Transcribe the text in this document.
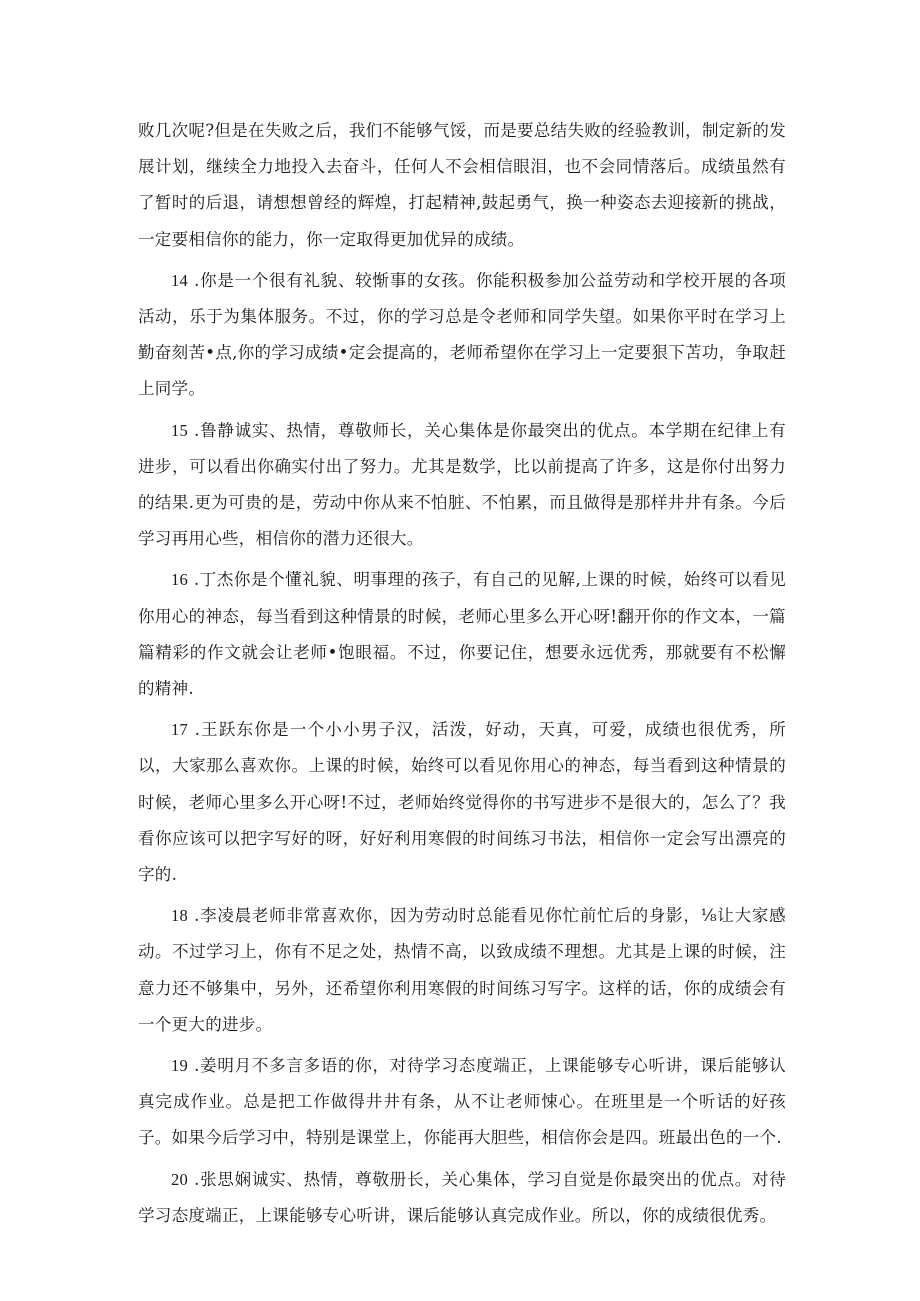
败几次呢?但是在失败之后，我们不能够气馁，而是要总结失败的经验教训，制定新的发展计划，继续全力地投入去奋斗，任何人不会相信眼泪，也不会同情落后。成绩虽然有了暂时的后退，请想想曾经的辉煌，打起精神,鼓起勇气，换一种姿态去迎接新的挑战，一定要相信你的能力，你一定取得更加优异的成绩。

14 .你是一个很有礼貌、较惭事的女孩。你能积极参加公益劳动和学校开展的各项活动，乐于为集体服务。不过，你的学习总是令老师和同学失望。如果你平时在学习上勤奋刻苦•点,你的学习成绩•定会提高的，老师希望你在学习上一定要狠下苫功，争取赶上同学。

15 .鲁静诚实、热情，尊敬师长，关心集体是你最突出的优点。本学期在纪律上有进步，可以看出你确实付出了努力。尤其是数学，比以前提高了许多，这是你付出努力的结果.更为可贵的是，劳动中你从来不怕脏、不怕累，而且做得是那样井井有条。今后学习再用心些，相信你的潜力还很大。

16 .丁杰你是个懂礼貌、明事理的孩子，有自己的见解,上课的时候，始终可以看见你用心的神态，每当看到这种情景的时候，老师心里多么开心呀!翻开你的作文本，一篇篇精彩的作文就会让老师•饱眼福。不过，你要记住，想要永远优秀，那就要有不松懈的精神.

17 .王跃东你是一个小小男子汉，活泼，好动，天真，可爱，成绩也很优秀，所以，大家那么喜欢你。上课的时候，始终可以看见你用心的神态，每当看到这种情景的时候，老师心里多么开心呀!不过，老师始终觉得你的书写进步不是很大的，怎么了？我看你应该可以把字写好的呀，好好利用寒假的时间练习书法，相信你一定会写出漂亮的字的.

18 .李凌晨老师非常喜欢你，因为劳动时总能看见你忙前忙后的身影，⅛让大家感动。不过学习上，你有不足之处，热情不高，以致成绩不理想。尤其是上课的时候，注意力还不够集中，另外，还希望你利用寒假的时间练习写字。这样的话，你的成绩会有一个更大的进步。

19 .姜明月不多言多语的你，对待学习态度端正，上课能够专心听讲，课后能够认真完成作业。总是把工作做得井井有条，从不让老师悚心。在班里是一个听话的好孩子。如果今后学习中，特别是课堂上，你能再大胆些，相信你会是四。班最出色的一个.

20 .张思娴诚实、热情，尊敬册长，关心集体，学习自觉是你最突出的优点。对待学习态度端正，上课能够专心听讲，课后能够认真完成作业。所以，你的成绩很优秀。
